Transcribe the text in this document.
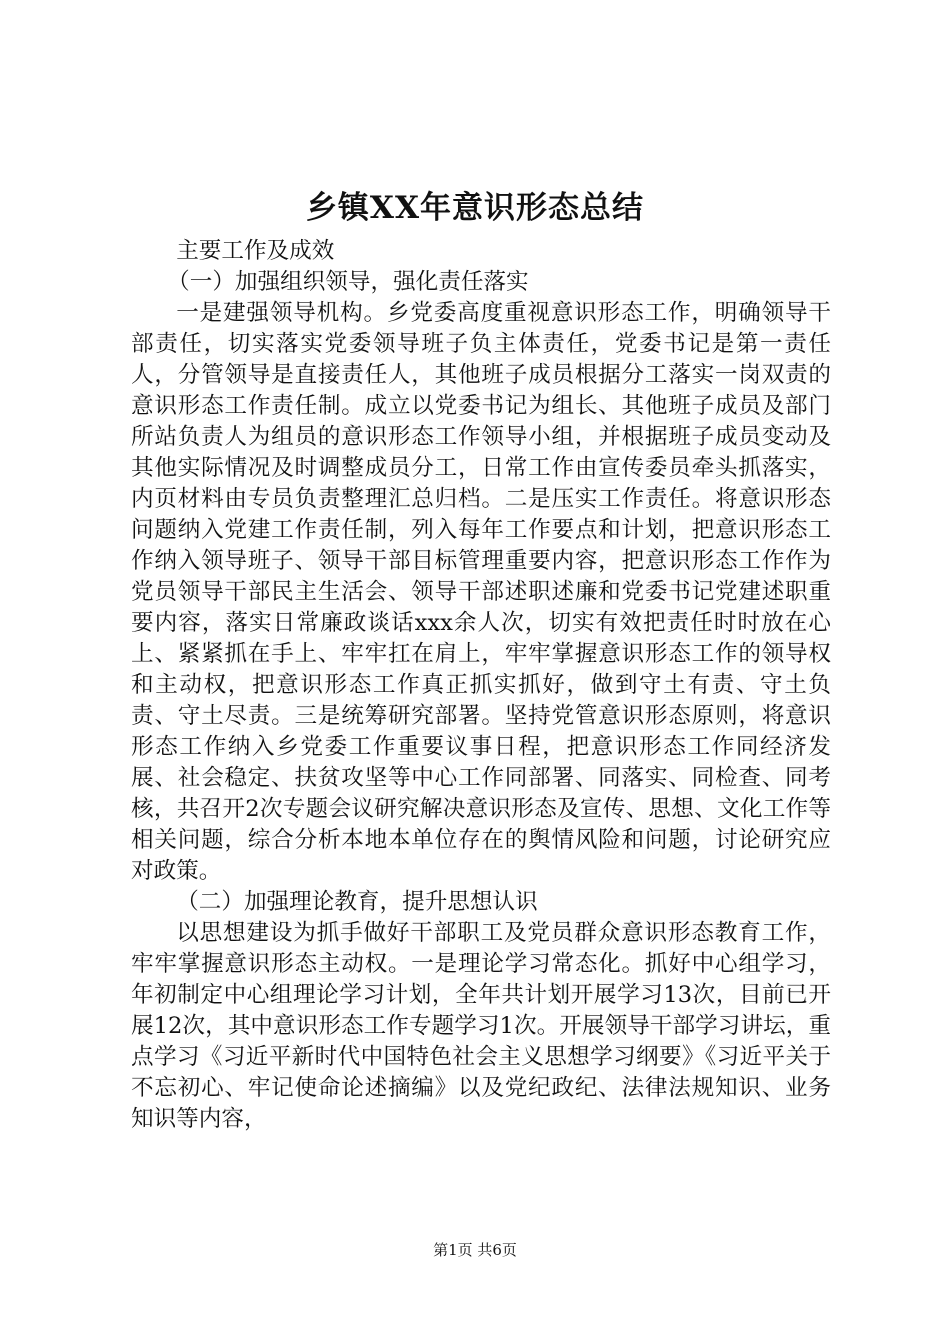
乡镇XX年意识形态总结

主要工作及成效

（一）加强组织领导，强化责任落实

一是建强领导机构。乡党委高度重视意识形态工作，明确领导干部责任，切实落实党委领导班子负主体责任，党委书记是第一责任人，分管领导是直接责任人，其他班子成员根据分工落实一岗双责的意识形态工作责任制。成立以党委书记为组长、其他班子成员及部门所站负责人为组员的意识形态工作领导小组，并根据班子成员变动及其他实际情况及时调整成员分工，日常工作由宣传委员牵头抓落实，内页材料由专员负责整理汇总归档。二是压实工作责任。将意识形态问题纳入党建工作责任制，列入每年工作要点和计划，把意识形态工作纳入领导班子、领导干部目标管理重要内容，把意识形态工作作为党员领导干部民主生活会、领导干部述职述廉和党委书记党建述职重要内容，落实日常廉政谈话xxx余人次，切实有效把责任时时放在心上、紧紧抓在手上、牢牢扛在肩上，牢牢掌握意识形态工作的领导权和主动权，把意识形态工作真正抓实抓好，做到守土有责、守土负责、守土尽责。三是统筹研究部署。坚持党管意识形态原则，将意识形态工作纳入乡党委工作重要议事日程，把意识形态工作同经济发展、社会稳定、扶贫攻坚等中心工作同部署、同落实、同检查、同考核，共召开2次专题会议研究解决意识形态及宣传、思想、文化工作等相关问题，综合分析本地本单位存在的舆情风险和问题，讨论研究应对政策。

（二）加强理论教育，提升思想认识

以思想建设为抓手做好干部职工及党员群众意识形态教育工作，牢牢掌握意识形态主动权。一是理论学习常态化。抓好中心组学习，年初制定中心组理论学习计划，全年共计划开展学习13次，目前已开展12次，其中意识形态工作专题学习1次。开展领导干部学习讲坛，重点学习《习近平新时代中国特色社会主义思想学习纲要》《习近平关于不忘初心、牢记使命论述摘编》以及党纪政纪、法律法规知识、业务知识等内容，

第1页 共6页
